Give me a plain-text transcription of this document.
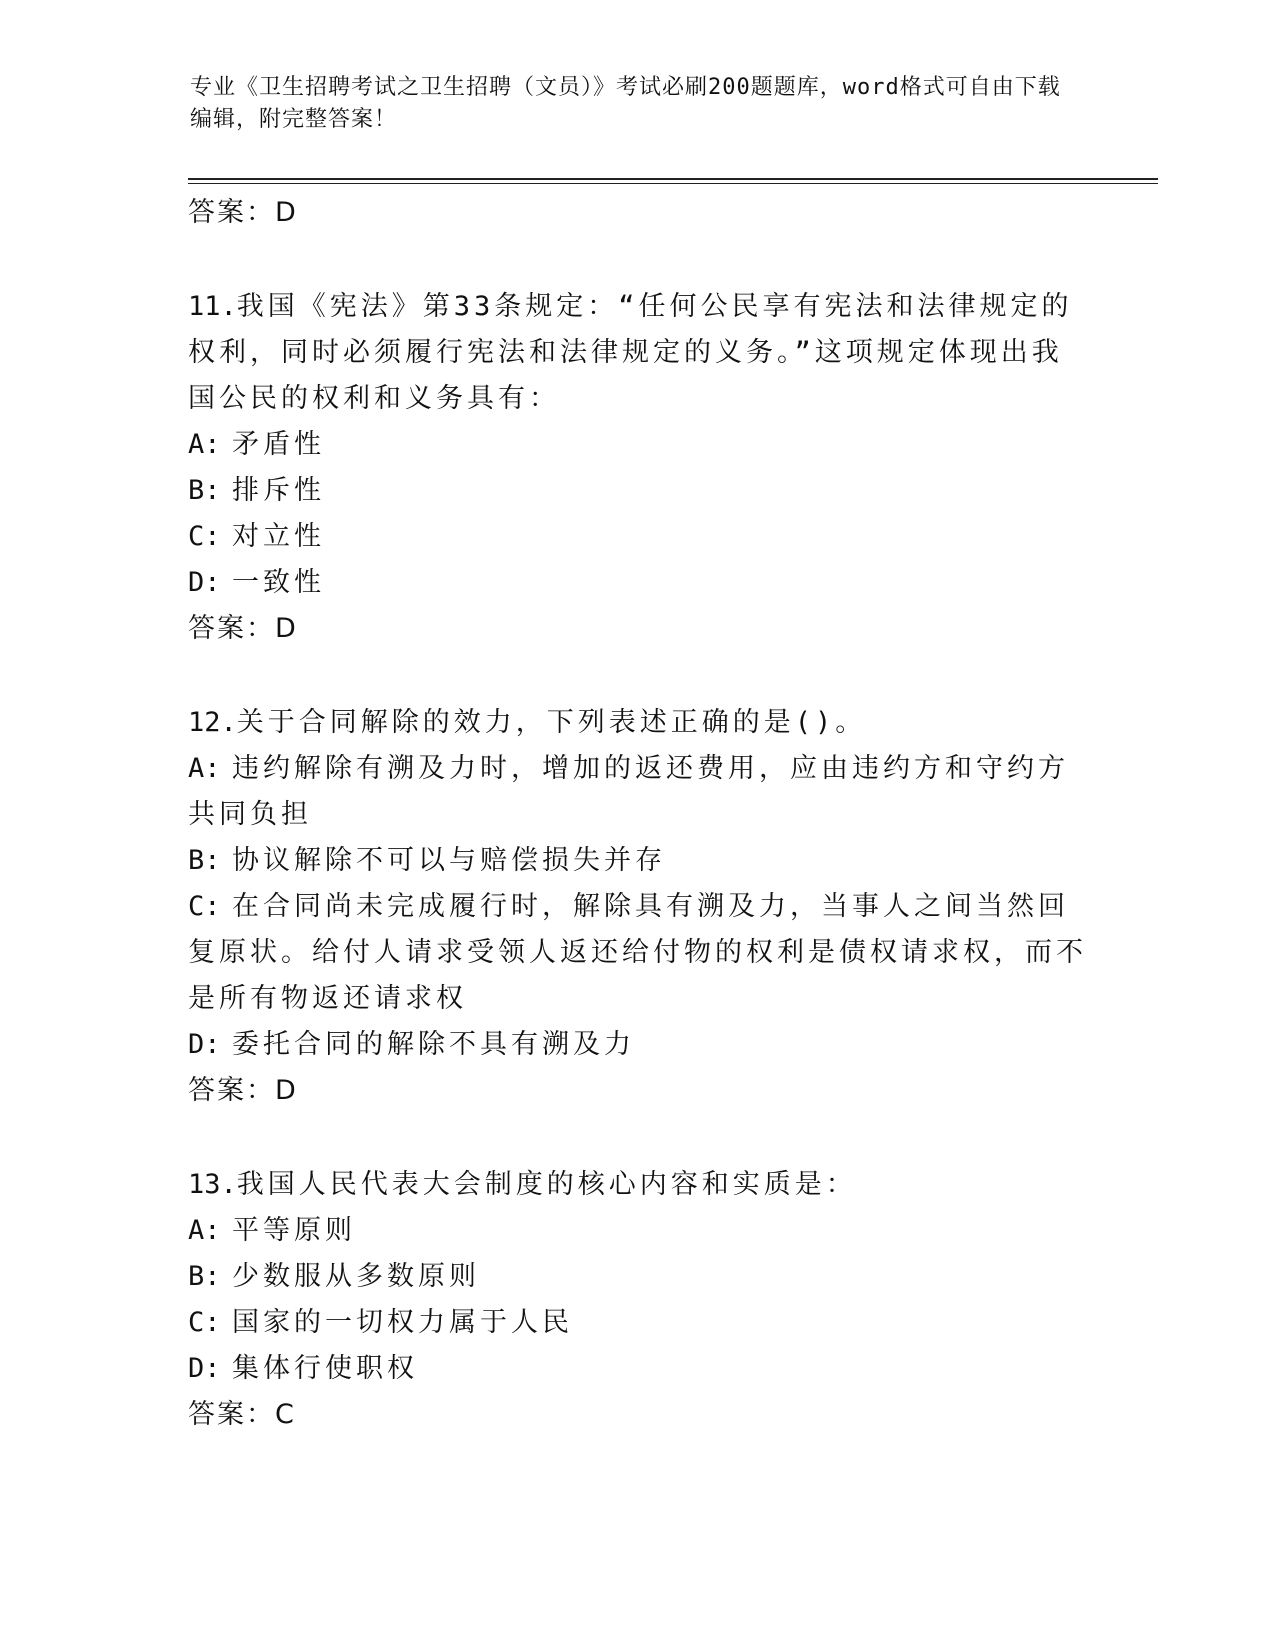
专业《卫生招聘考试之卫生招聘（文员）》考试必刷200题题库，word格式可自由下载编辑，附完整答案！

答案：D

11.我国《宪法》第33条规定：“任何公民享有宪法和法律规定的权利，同时必须履行宪法和法律规定的义务。”这项规定体现出我国公民的权利和义务具有：

A: 矛盾性

B: 排斥性

C: 对立性

D: 一致性

答案：D

12.关于合同解除的效力，下列表述正确的是()。

A: 违约解除有溯及力时，增加的返还费用，应由违约方和守约方共同负担

B: 协议解除不可以与赔偿损失并存

C: 在合同尚未完成履行时，解除具有溯及力，当事人之间当然回复原状。给付人请求受领人返还给付物的权利是债权请求权，而不是所有物返还请求权

D: 委托合同的解除不具有溯及力

答案：D

13.我国人民代表大会制度的核心内容和实质是：

A: 平等原则

B: 少数服从多数原则

C: 国家的一切权力属于人民

D: 集体行使职权

答案：C
